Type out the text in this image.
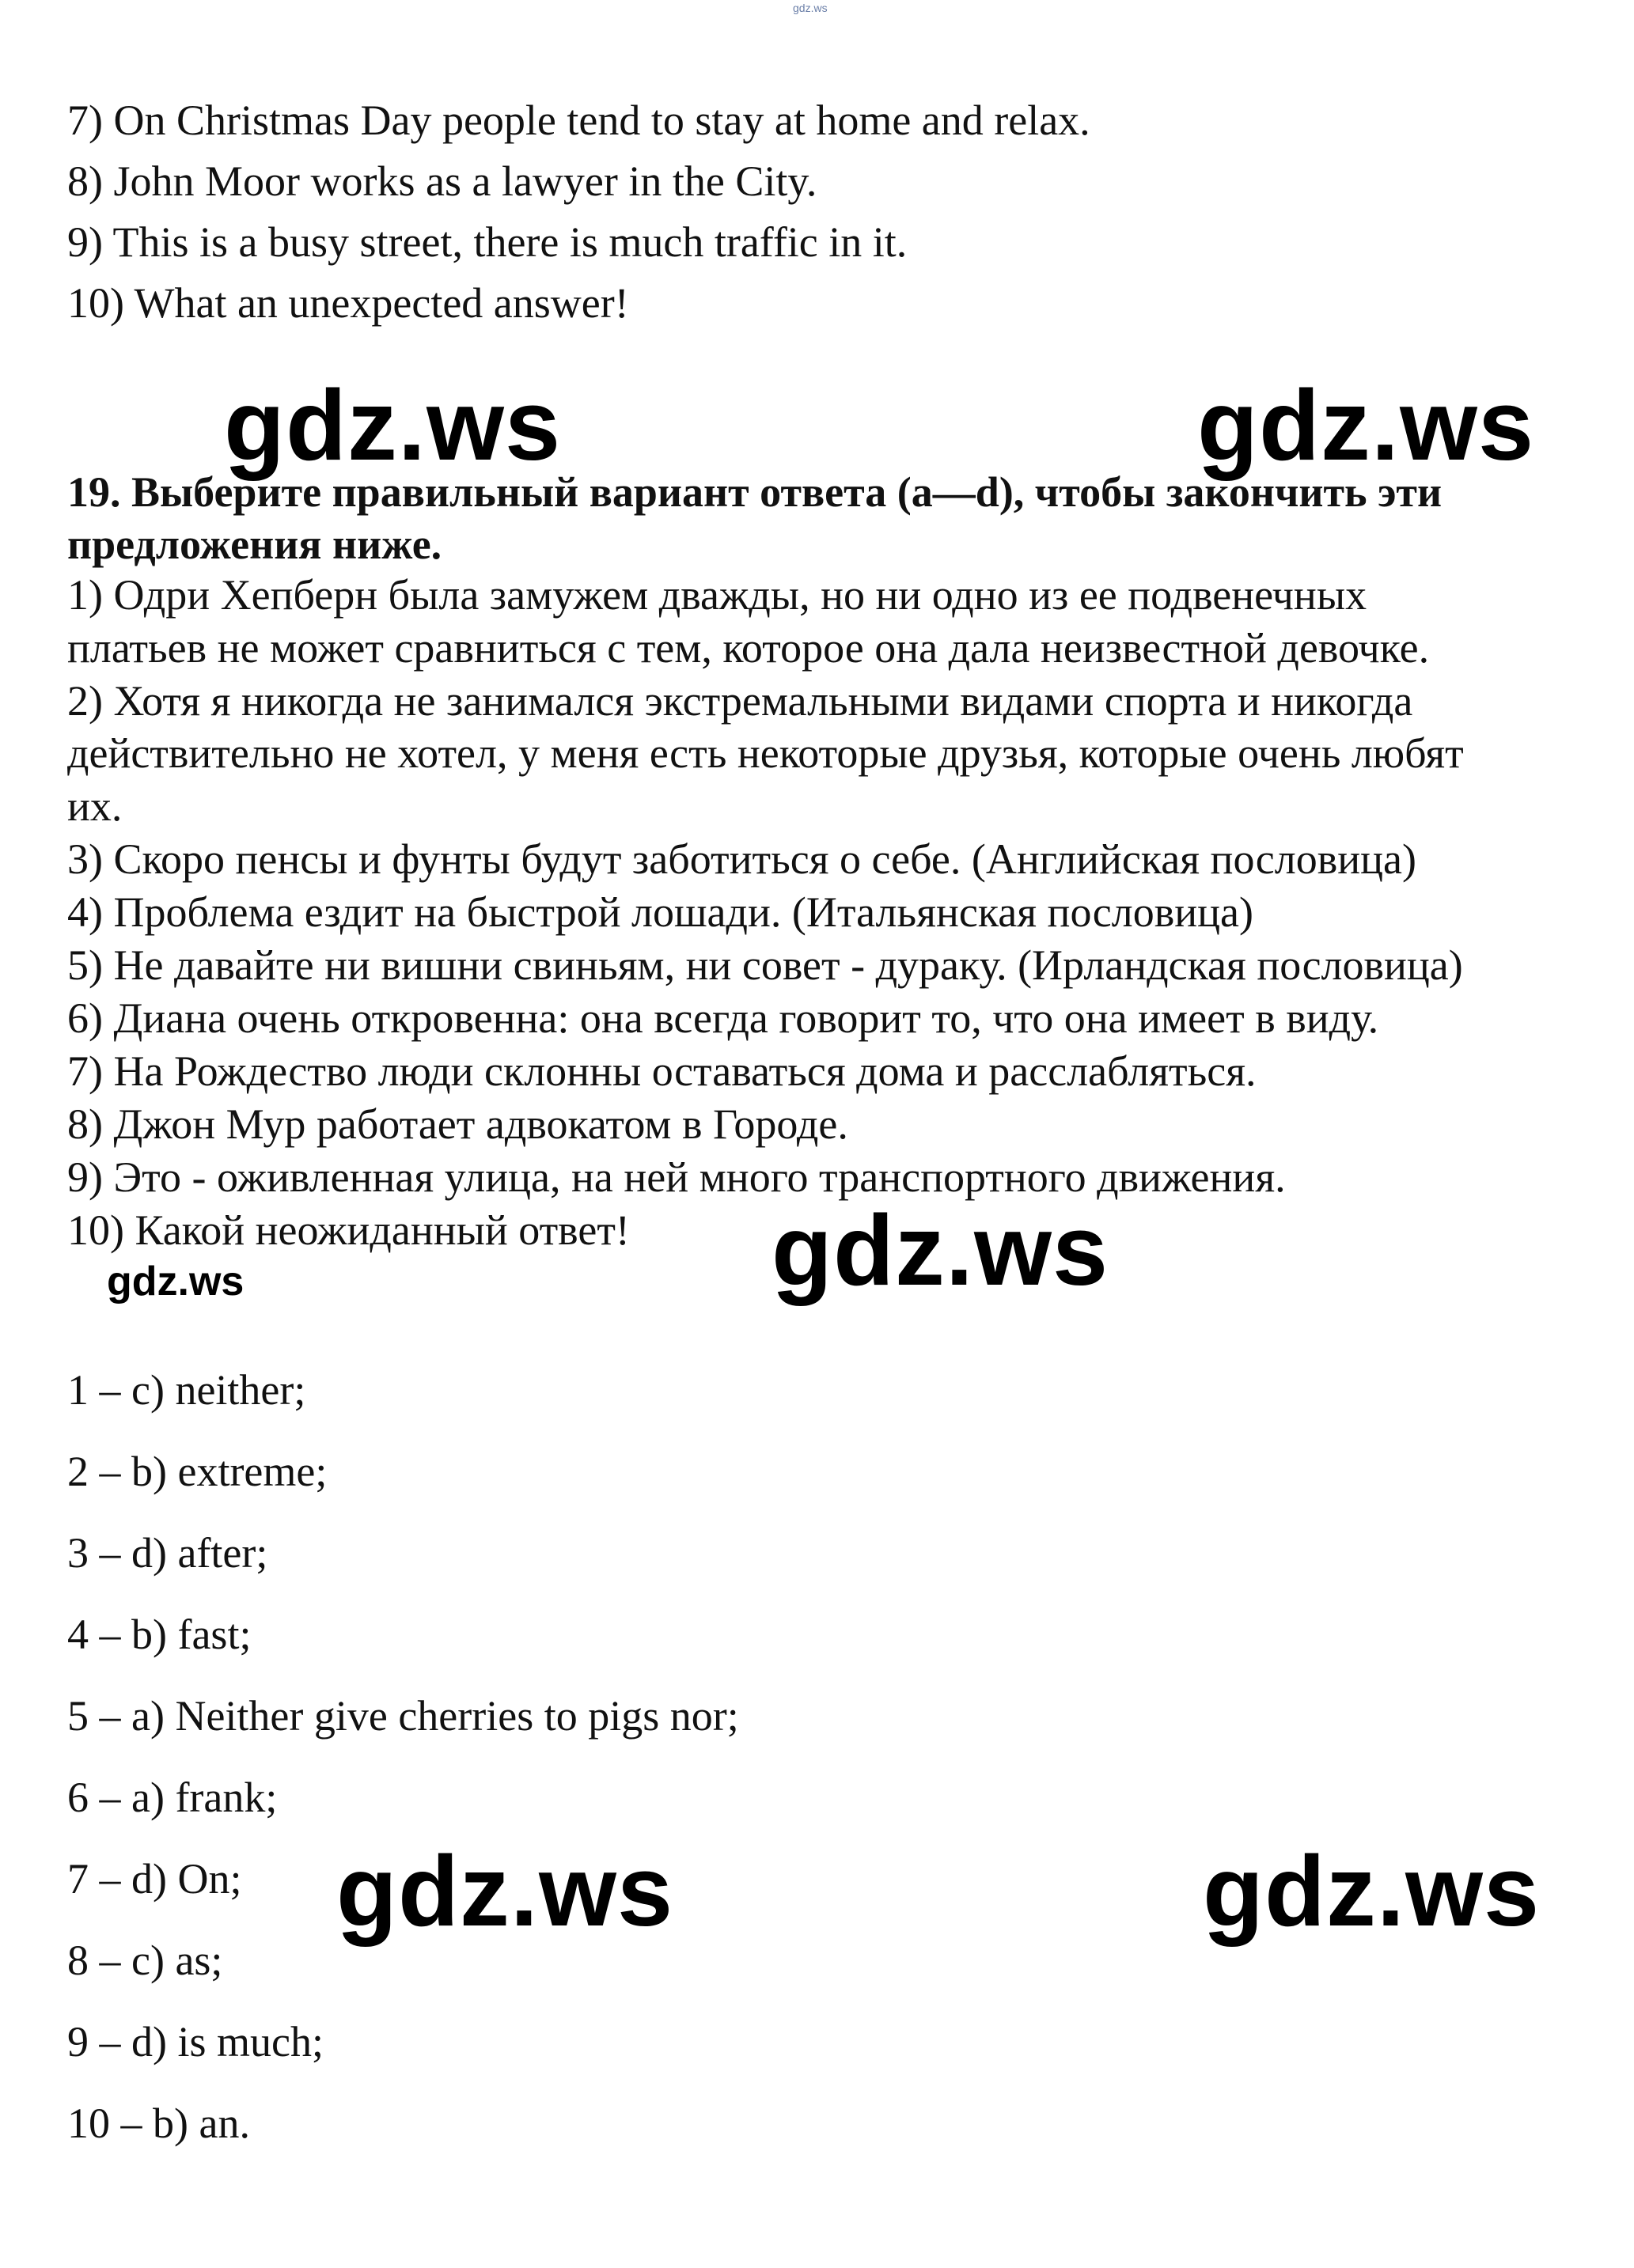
gdz.ws
7) On Christmas Day people tend to stay at home and relax.
8) John Moor works as a lawyer in the City.
9) This is a busy street, there is much traffic in it.
10) What an unexpected answer!
gdz.ws	gdz.ws
19. Выберите правильный вариант ответа (a—d), чтобы закончить эти
предложения ниже.
1) Одри Хепберн была замужем дважды, но ни одно из ее подвенечных
платьев не может сравниться с тем, которое она дала неизвестной девочке.
2) Хотя я никогда не занимался экстремальными видами спорта и никогда
действительно не хотел, у меня есть некоторые друзья, которые очень любят
их.
3) Скоро пенсы и фунты будут заботиться о себе. (Английская пословица)
4) Проблема ездит на быстрой лошади. (Итальянская пословица)
5) Не давайте ни вишни свиньям, ни совет - дураку. (Ирландская пословица)
6) Диана очень откровенна: она всегда говорит то, что она имеет в виду.
7) На Рождество люди склонны оставаться дома и расслабляться.
8) Джон Мур работает адвокатом в Городе.
9) Это - оживленная улица, на ней много транспортного движения.
10) Какой неожиданный ответ! gdz.ws
gdz.ws
1 – c) neither;
2 – b) extreme;
3 – d) after;
4 – b) fast;
5 – a) Neither give cherries to pigs nor;
6 – a) frank;
7 – d) On;
8 – c) as;
9 – d) is much;
10 – b) an.
gdz.ws	gdz.ws
